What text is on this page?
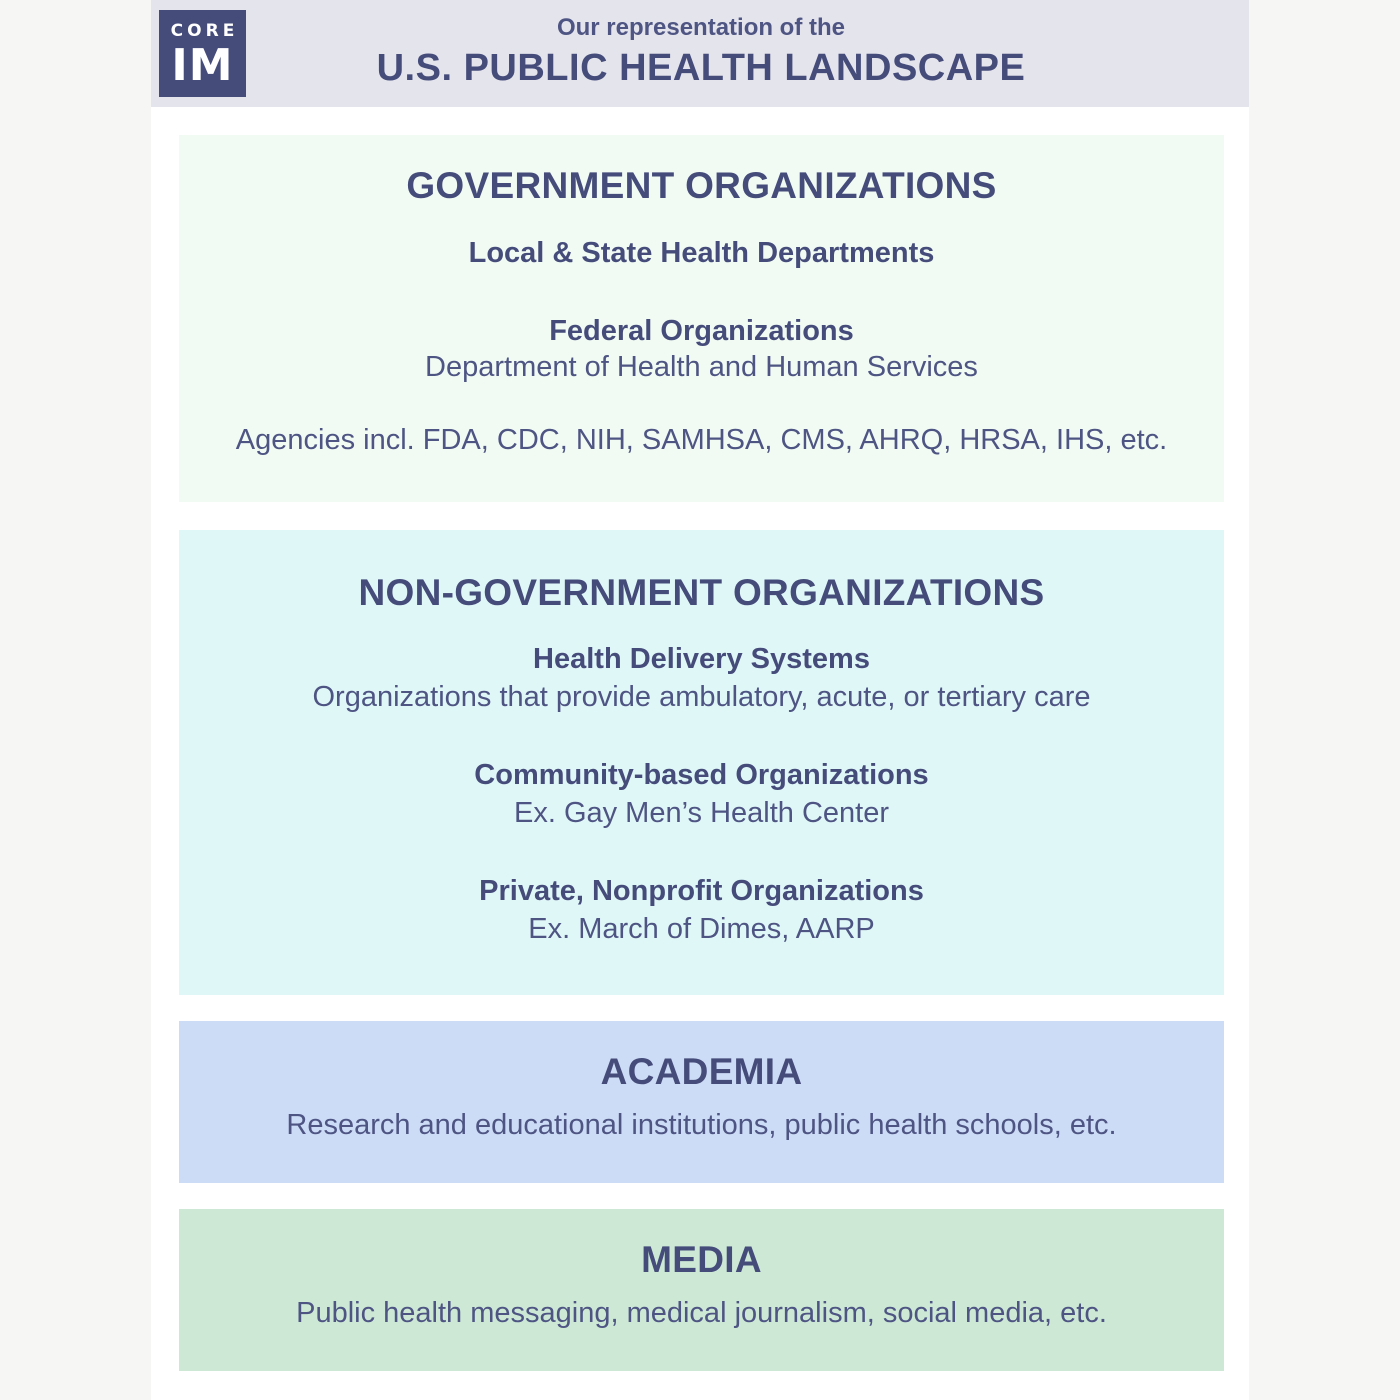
CORE
IM
Our representation of the
U.S. PUBLIC HEALTH LANDSCAPE
GOVERNMENT ORGANIZATIONS
Local & State Health Departments
Federal Organizations
Department of Health and Human Services
Agencies incl. FDA, CDC, NIH, SAMHSA, CMS, AHRQ, HRSA, IHS, etc.
NON-GOVERNMENT ORGANIZATIONS
Health Delivery Systems
Organizations that provide ambulatory, acute, or tertiary care
Community-based Organizations
Ex. Gay Men’s Health Center
Private, Nonprofit Organizations
Ex. March of Dimes, AARP
ACADEMIA
Research and educational institutions, public health schools, etc.
MEDIA
Public health messaging, medical journalism, social media, etc.
